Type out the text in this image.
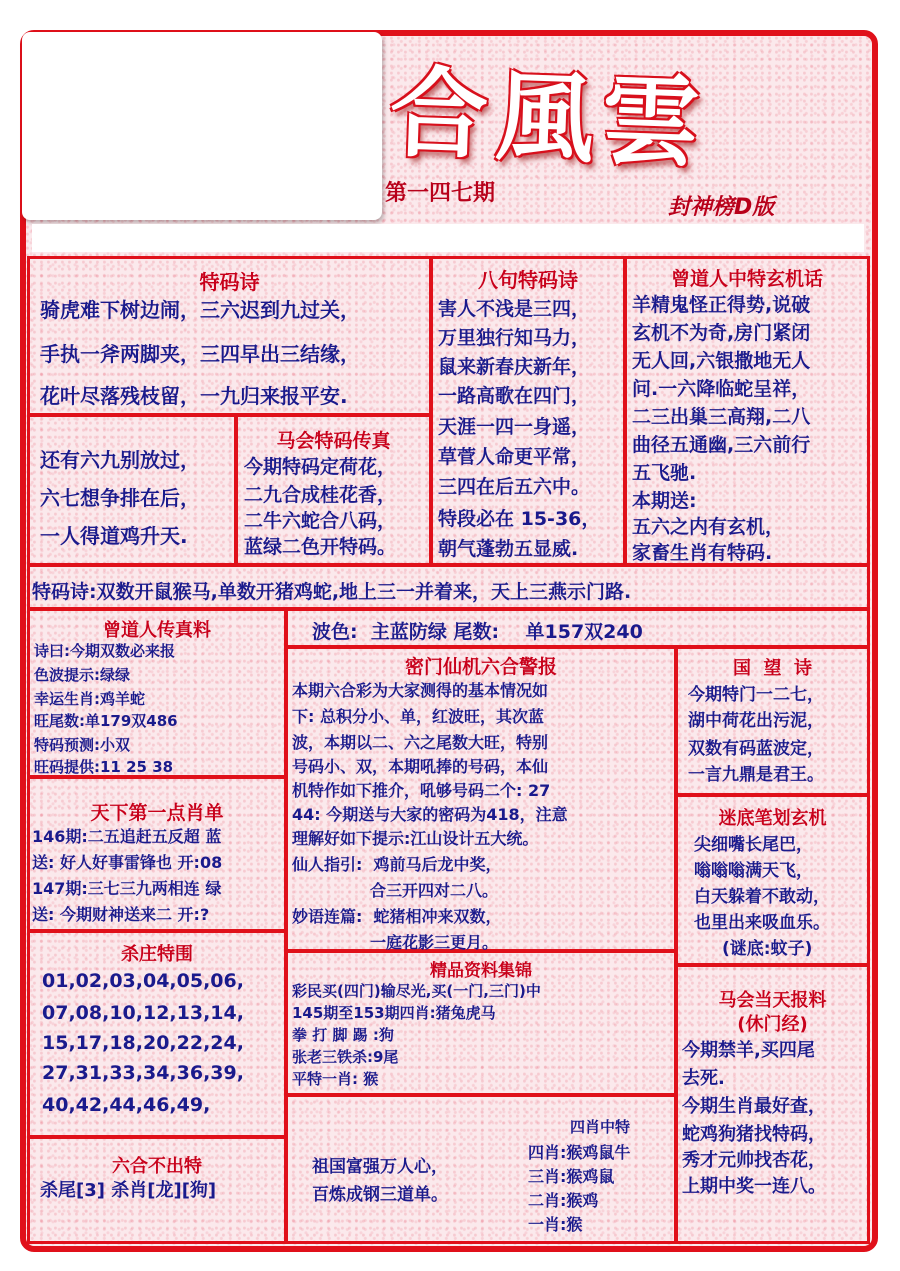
合風雲
第一四七期
封神榜D版
特码诗
骑虎难下树边闹，三六迟到九过关，
手执一斧两脚夹，三四早出三结缘，
花叶尽落残枝留，一九归来报平安.
还有六九别放过，
六七想争排在后，
一人得道鸡升天.
马会特码传真
今期特码定荷花，
二九合成桂花香，
二牛六蛇合八码，
蓝绿二色开特码。
八句特码诗
害人不浅是三四，
万里独行知马力，
鼠来新春庆新年，
一路高歌在四门，
天涯一四一身遥，
草菅人命更平常，
三四在后五六中。
特段必在 15-36，
朝气蓬勃五显威.
曾道人中特玄机话
羊精鬼怪正得势,说破
玄机不为奇,房门紧闭
无人回,六银撒地无人
问.一六降临蛇呈祥，
二三出巢三高翔,二八
曲径五通幽,三六前行
五飞驰.
本期送:
五六之内有玄机，
家畜生肖有特码.
特码诗:双数开鼠猴马,单数开猪鸡蛇,地上三一并着来，天上三燕示门路.
曾道人传真料
诗曰:今期双数必来报
色波提示:绿绿
幸运生肖:鸡羊蛇
旺尾数:单179双486
特码预测:小双
旺码提供:11 25 38
波色:  主蓝防绿 尾数:    单157双240
天下第一点肖单
146期:二五追赶五反超 蓝
送: 好人好事雷锋也 开:08
147期:三七三九两相连 绿
送: 今期财神送来二 开:?
密门仙机六合警报
本期六合彩为大家测得的基本情况如
下: 总积分小、单，红波旺，其次蓝
波，本期以二、六之尾数大旺，特别
号码小、双，本期吼捧的号码，本仙
机特作如下推介，吼够号码二个: 27
44: 今期送与大家的密码为418，注意
理解好如下提示:江山设计五大统。
仙人指引:  鸡前马后龙中奖，
合三开四对二八。
妙语连篇:  蛇猪相冲来双数，
一庭花影三更月。
国  望  诗
今期特门一二七，
湖中荷花出污泥，
双数有码蓝波定，
一言九鼎是君王。
迷底笔划玄机
尖细嘴长尾巴，
嗡嗡嗡满天飞，
白天躲着不敢动，
也里出来吸血乐。
(谜底:蚊子)
杀庄特围
01,02,03,04,05,06,
07,08,10,12,13,14,
15,17,18,20,22,24,
27,31,33,34,36,39,
40,42,44,46,49,
精品资料集锦
彩民买(四门)输尽光,买(一门,三门)中
145期至153期四肖:猪兔虎马
拳 打 脚 踢 :狗
张老三铁杀:9尾
平特一肖: 猴
马会当天报料
(休门经)
今期禁羊,买四尾
去死.
今期生肖最好查，
蛇鸡狗猪找特码，
秀才元帅找杏花，
上期中奖一连八。
六合不出特
杀尾[3] 杀肖[龙][狗]
祖国富强万人心，
百炼成钢三道单。
四肖中特
四肖:猴鸡鼠牛
三肖:猴鸡鼠
二肖:猴鸡
一肖:猴
